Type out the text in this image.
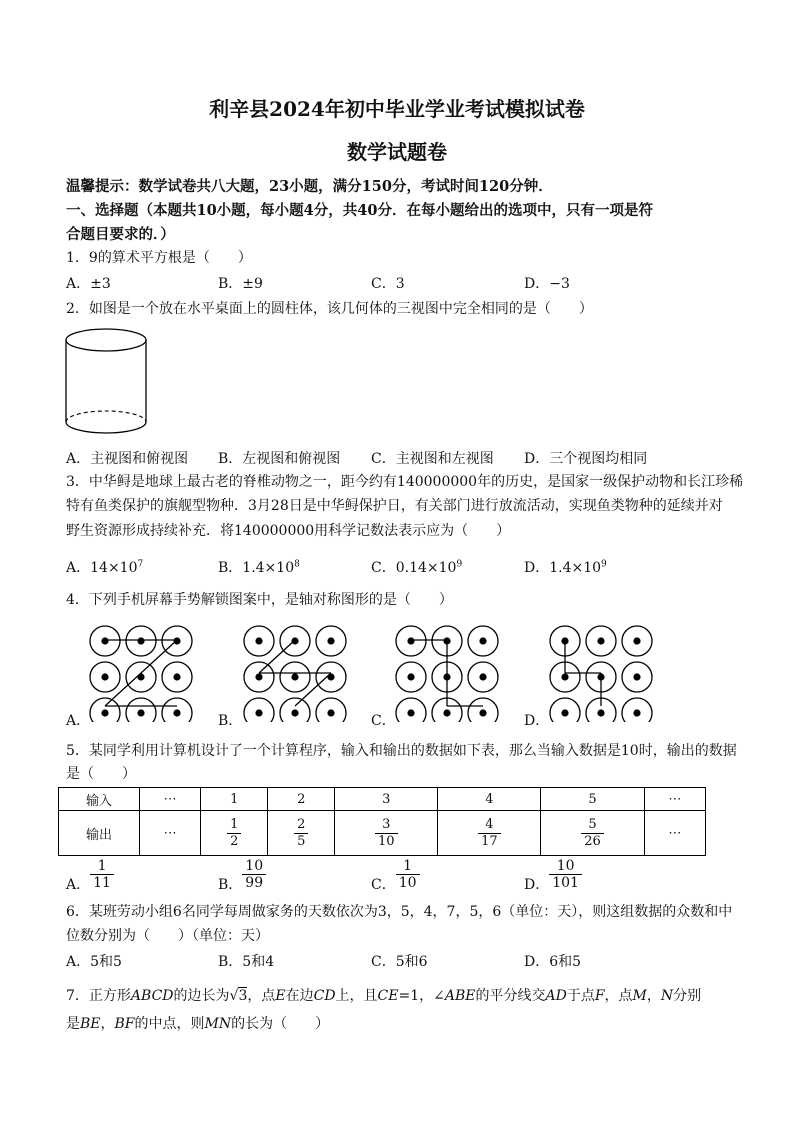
利辛县2024年初中毕业学业考试模拟试卷
数学试题卷
温馨提示：数学试卷共八大题，23小题，满分150分，考试时间120分钟．
一、选择题（本题共10小题，每小题4分，共40分．在每小题给出的选项中，只有一项是符
合题目要求的．）
1．9的算术平方根是（　　）
A．±3	B．±9	C．3	D．−3
2．如图是一个放在水平桌面上的圆柱体，该几何体的三视图中完全相同的是（　　）
A．主视图和俯视图 B．左视图和俯视图 C．主视图和左视图 D．三个视图均相同
3．中华鲟是地球上最古老的脊椎动物之一，距今约有140000000年的历史，是国家一级保护动物和长江珍稀
特有鱼类保护的旗舰型物种．3月28日是中华鲟保护日，有关部门进行放流活动，实现鱼类物种的延续并对
野生资源形成持续补充．将140000000用科学记数法表示应为（　　）
A．$14\times 10^7$	B．$1.4\times 10^8$	C．$0.14\times 10^9$	D．$1.4\times 10^9$
4．下列手机屏幕手势解锁图案中，是轴对称图形的是（　　）
A．	B．	C．	D．
5．某同学利用计算机设计了一个计算程序，输入和输出的数据如下表，那么当输入数据是10时，输出的数据
是（　　）
输入	⋯	1	2	3	4	5	⋯
输出	⋯	$\frac{1}{2}$	$\frac{2}{5}$	$\frac{3}{10}$	$\frac{4}{17}$	$\frac{5}{26}$	⋯
A． $\frac{1}{11}$	B． $\frac{10}{99}$	C． $\frac{1}{10}$	D． $\frac{10}{101}$
6．某班劳动小组6名同学每周做家务的天数依次为3，5，4，7，5，6（单位：天），则这组数据的众数和中
位数分别为（　　）（单位：天）
A．5和5	B．5和4	C．5和6	D．6和5
7．正方形ABCD的边长为√3，点E在边CD上，且CE=1，∠ABE的平分线交AD于点F，点M，N分别
是BE，BF的中点，则MN的长为（　　）
